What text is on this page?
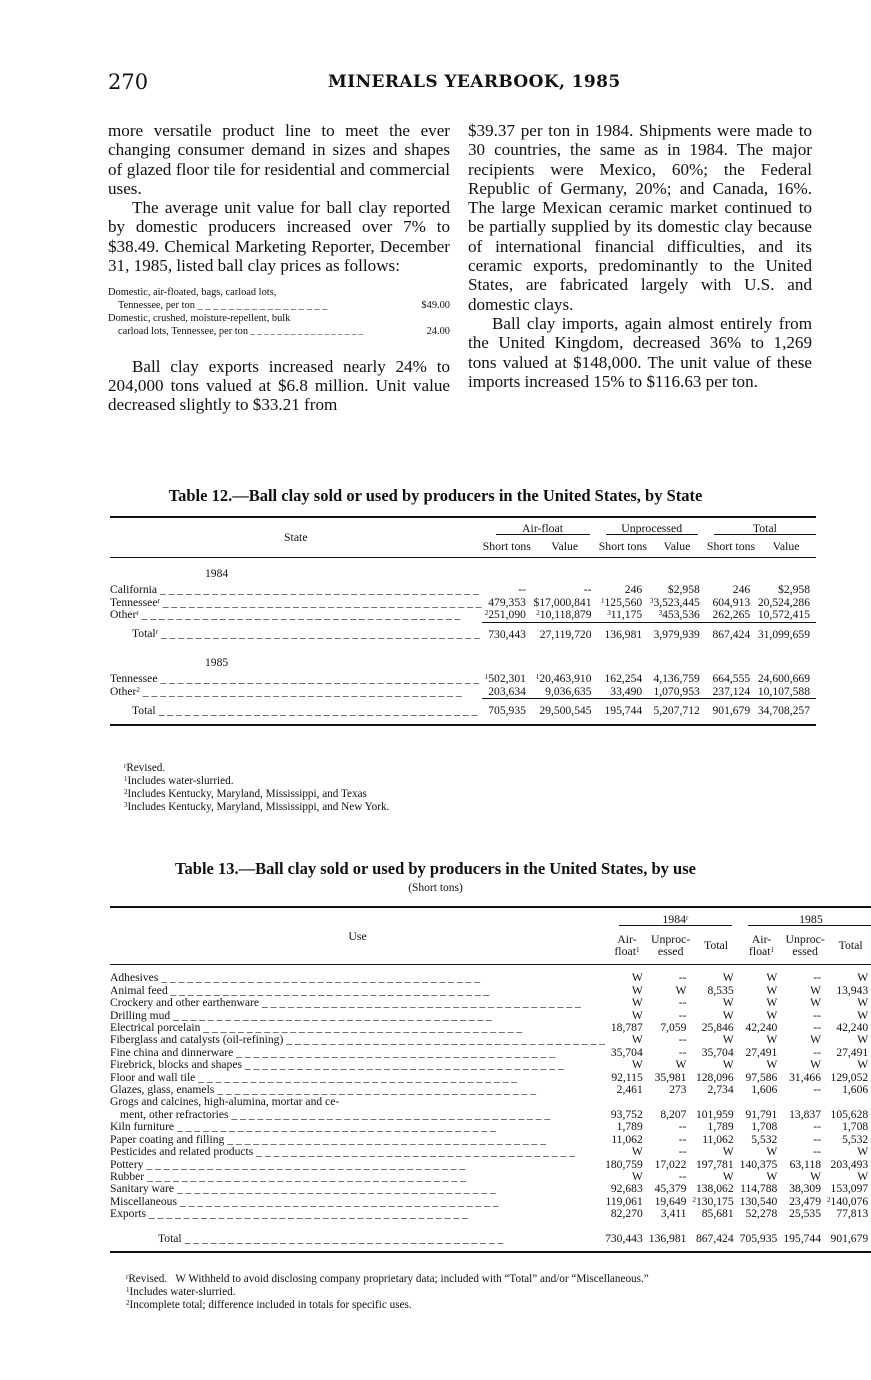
270	MINERALS YEARBOOK, 1985

more versatile product line to meet the ever changing consumer demand in sizes and shapes of glazed floor tile for residential and commercial uses.

The average unit value for ball clay reported by domestic producers increased over 7% to $38.49. Chemical Marketing Reporter, December 31, 1985, listed ball clay prices as follows:

Domestic, air-floated, bags, carload lots,
Tennessee, per ton _ _ _	$49.00
Domestic, crushed, moisture-repellent, bulk
carload lots, Tennessee, per ton _ _ _	24.00

Ball clay exports increased nearly 24% to 204,000 tons valued at $6.8 million. Unit value decreased slightly to $33.21 from

$39.37 per ton in 1984. Shipments were made to 30 countries, the same as in 1984. The major recipients were Mexico, 60%; the Federal Republic of Germany, 20%; and Canada, 16%. The large Mexican ceramic market continued to be partially supplied by its domestic clay because of international financial difficulties, and its ceramic exports, predominantly to the United States, are fabricated largely with U.S. and domestic clays.

Ball clay imports, again almost entirely from the United Kingdom, decreased 36% to 1,269 tons valued at $148,000. The unit value of these imports increased 15% to $116.63 per ton.

Table 12.—Ball clay sold or used by producers in the United States, by State
State	Air-float		Unprocessed		Total	

	Short tons	Value	Short tons	Value	Short tons	Value
1984						
California _ _ _	--	--	246	$2,958	246	$2,958
Tennessee$^r$ _ _ _	479,353	$17,000,841	$^1$125,560	$^3$3,523,445	604,913	20,524,286
Other$^r$ _ _ _	$^2$251,090	$^2$10,118,879	$^3$11,175	$^3$453,536	262,265	10,572,415
Total$^r$ _ _ _	730,443	27,119,720	136,981	3,979,939	867,424	31,099,659
1985						
Tennessee _ _ _	$^1$502,301	$^1$20,463,910	162,254	4,136,759	664,555	24,600,669
Other$^2$ _ _ _	203,634	9,036,635	33,490	1,070,953	237,124	10,107,588
Total _ _ _	705,935	29,500,545	195,744	5,207,712	901,679	34,708,257
$^r$Revised.
$^1$Includes water-slurried.
$^2$Includes Kentucky, Maryland, Mississippi, and Texas
$^3$Includes Kentucky, Maryland, Mississippi, and New York.
Table 13.—Ball clay sold or used by producers in the United States, by use
(Short tons)
Use	1984$^r$			1985		

	Air-
float$^1$	Unproc-
essed	Total	Air-
float$^1$	Unproc-
essed	Total

Adhesives _ _ _	W	--	W	W	--	W
Animal feed _ _ _	W	W	8,535	W	W	13,943
Crockery and other earthenware _ _ _	W	--	W	W	W	W
Drilling mud _ _ _	W	--	W	W	--	W
Electrical porcelain _ _ _	18,787	7,059	25,846	42,240	--	42,240
Fiberglass and catalysts (oil-refining) _ _ _	W	--	W	W	W	W
Fine china and dinnerware _ _ _	35,704	--	35,704	27,491	--	27,491
Firebrick, blocks and shapes _ _ _	W	W	W	W	W	W
Floor and wall tile _ _ _	92,115	35,981	128,096	97,586	31,466	129,052
Glazes, glass, enamels _ _ _	2,461	273	2,734	1,606	--	1,606
Grogs and calcines, high-alumina, mortar and ce-						
ment, other refractories _ _ _	93,752	8,207	101,959	91,791	13,837	105,628
Kiln furniture _ _ _	1,789	--	1,789	1,708	--	1,708
Paper coating and filling _ _ _	11,062	--	11,062	5,532	--	5,532
Pesticides and related products _ _ _	W	--	W	W	--	W
Pottery _ _ _	180,759	17,022	197,781	140,375	63,118	203,493
Rubber _ _ _	W	--	W	W	W	W
Sanitary ware _ _ _	92,683	45,379	138,062	114,788	38,309	153,097
Miscellaneous _ _ _	119,061	19,649	$^2$130,175	130,540	23,479	$^2$140,076
Exports _ _ _	82,270	3,411	85,681	52,278	25,535	77,813
Total _ _ _	730,443	136,981	867,424	705,935	195,744	901,679
$^r$Revised.   W Withheld to avoid disclosing company proprietary data; included with “Total” and/or “Miscellaneous.”
$^1$Includes water-slurried.
$^2$Incomplete total; difference included in totals for specific uses.
